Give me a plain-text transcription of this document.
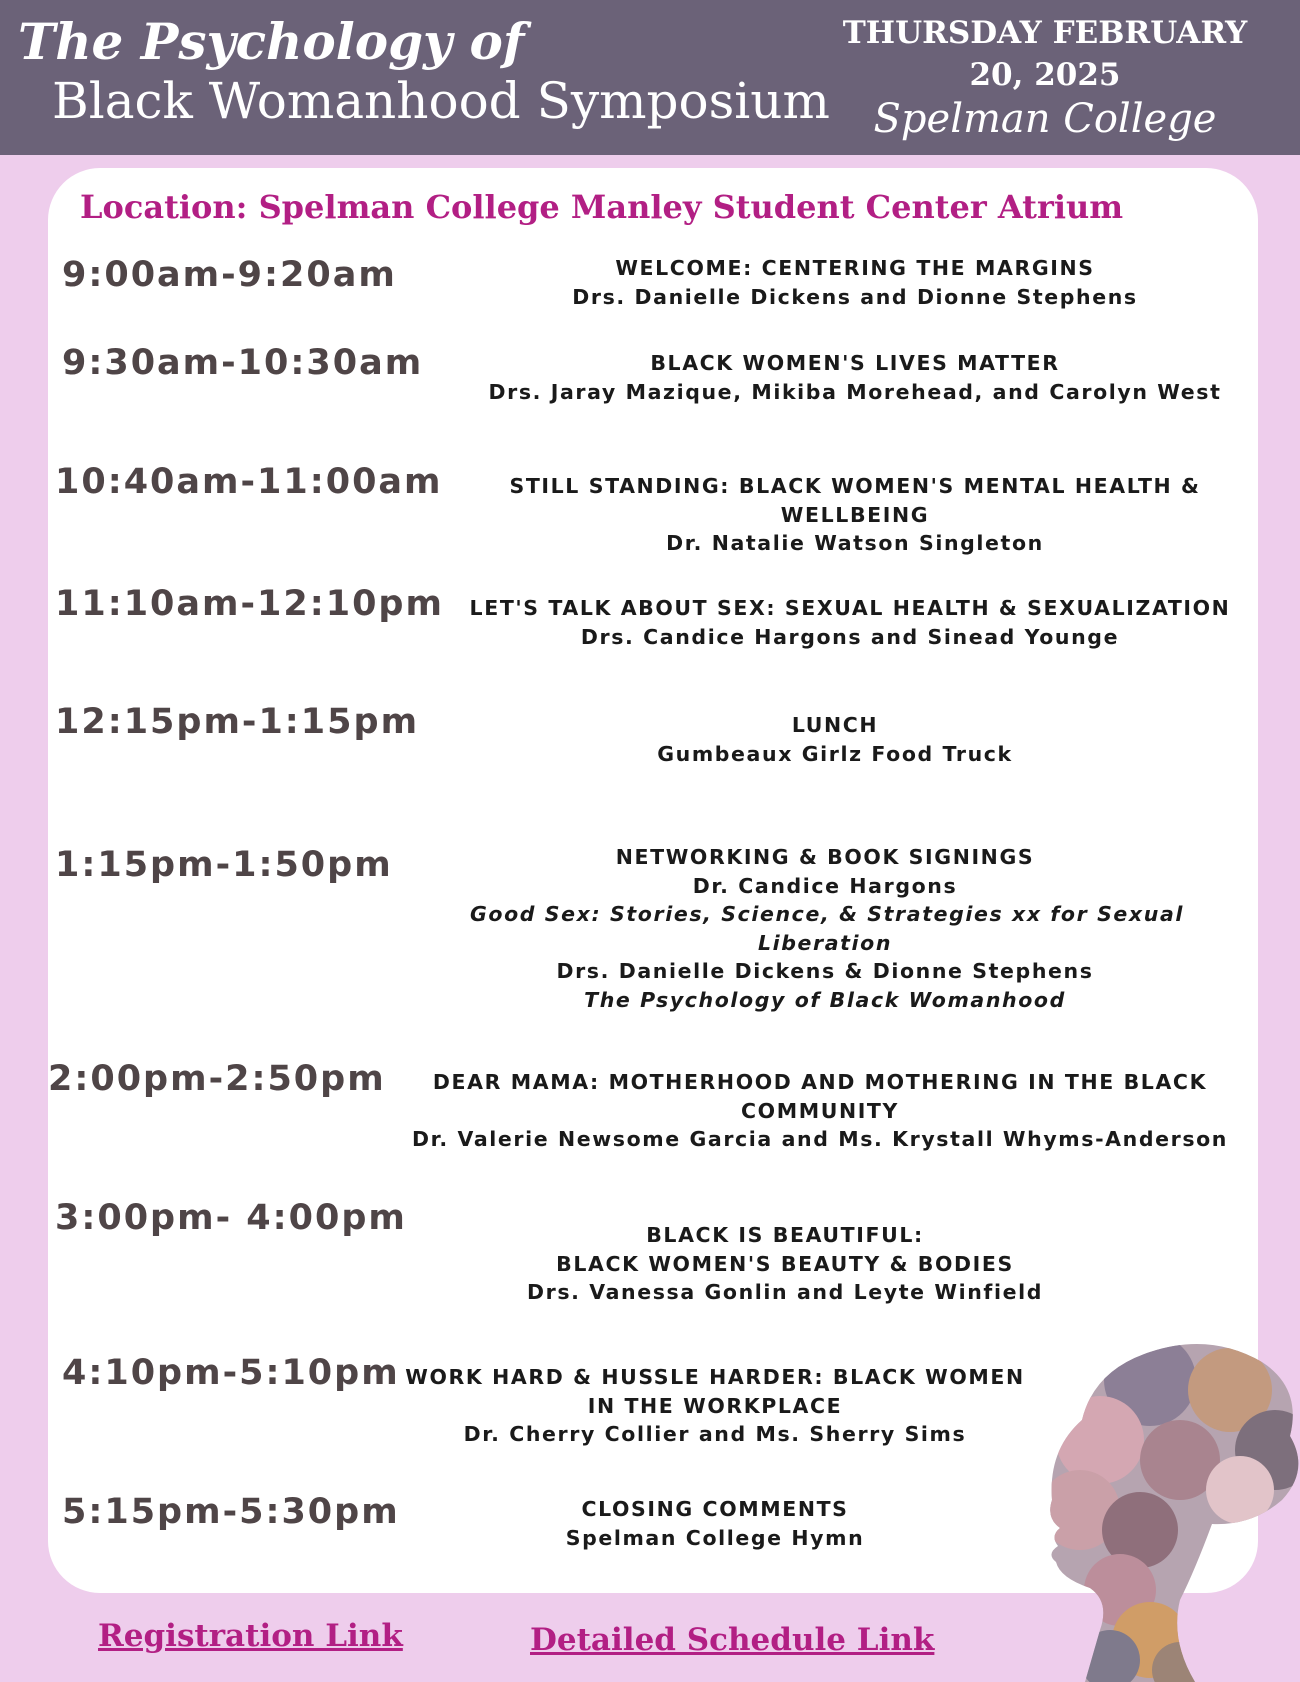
The Psychology of
Black Womanhood Symposium
THURSDAY FEBRUARY
20, 2025
Spelman College
Location: Spelman College Manley Student Center Atrium
9:00am-9:20am
9:30am-10:30am
10:40am-11:00am
11:10am-12:10pm
12:15pm-1:15pm
1:15pm-1:50pm
2:00pm-2:50pm
3:00pm- 4:00pm
4:10pm-5:10pm
5:15pm-5:30pm
WELCOME: CENTERING THE MARGINS
Drs. Danielle Dickens and Dionne Stephens
BLACK WOMEN'S LIVES MATTER
Drs. Jaray Mazique, Mikiba Morehead, and Carolyn West
STILL STANDING: BLACK WOMEN'S MENTAL HEALTH &
WELLBEING
Dr. Natalie Watson Singleton
LET'S TALK ABOUT SEX: SEXUAL HEALTH & SEXUALIZATION
Drs. Candice Hargons and Sinead Younge
LUNCH
Gumbeaux Girlz Food Truck
NETWORKING & BOOK SIGNINGS
Dr. Candice Hargons
Good Sex: Stories, Science, & Strategies xx for Sexual
Liberation
Drs. Danielle Dickens & Dionne Stephens
The Psychology of Black Womanhood
DEAR MAMA: MOTHERHOOD AND MOTHERING IN THE BLACK
COMMUNITY
Dr. Valerie Newsome Garcia and Ms. Krystall Whyms-Anderson
BLACK IS BEAUTIFUL:
BLACK WOMEN'S BEAUTY & BODIES
Drs. Vanessa Gonlin and Leyte Winfield
WORK HARD & HUSSLE HARDER: BLACK WOMEN
IN THE WORKPLACE
Dr. Cherry Collier and Ms. Sherry Sims
CLOSING COMMENTS
Spelman College Hymn
Registration Link	Detailed Schedule Link
